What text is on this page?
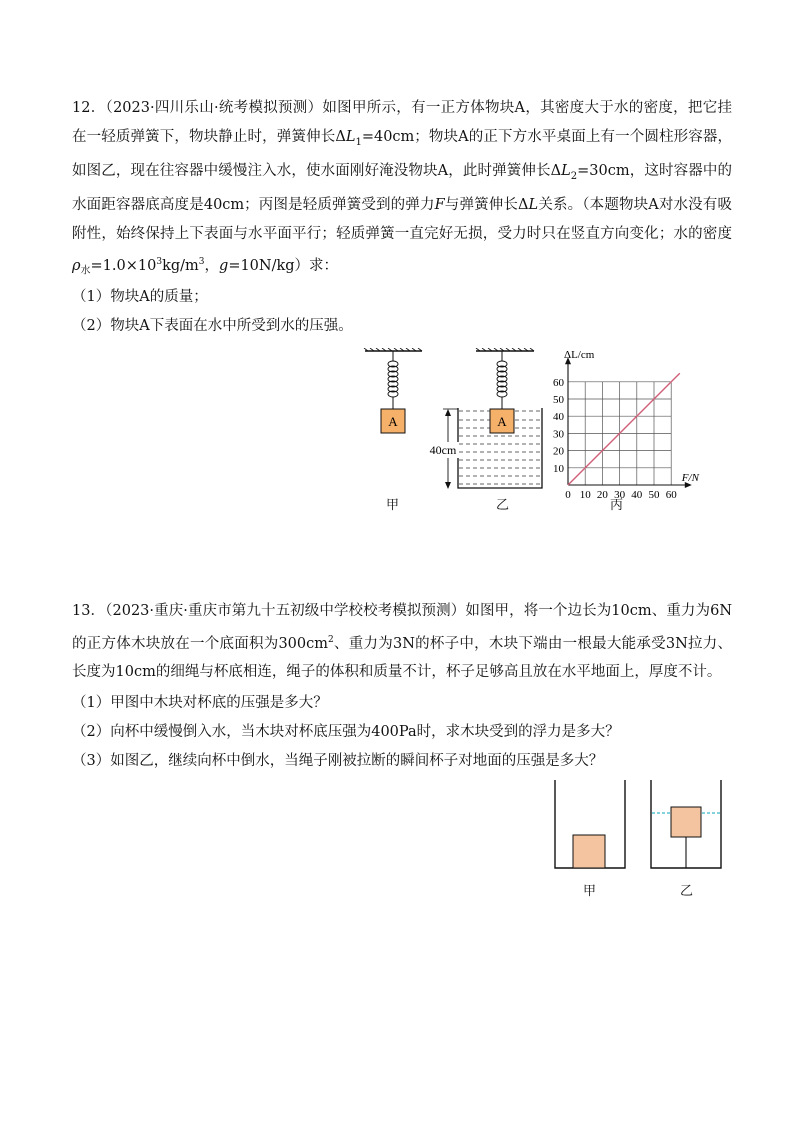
12．（2023·四川乐山·统考模拟预测）如图甲所示，有一正方体物块A，其密度大于水的密度，把它挂在一轻质弹簧下，物块静止时，弹簧伸长$\Delta L_1=40cm$；物块A的正下方水平桌面上有一个圆柱形容器，如图乙，现在往容器中缓慢注入水，使水面刚好淹没物块A，此时弹簧伸长$\Delta L_2=30cm$，这时容器中的水面距容器底高度是40cm；丙图是轻质弹簧受到的弹力F与弹簧伸长ΔL关系。（本题物块A对水没有吸附性，始终保持上下表面与水平面平行；轻质弹簧一直完好无损，受力时只在竖直方向变化；水的密度$\rho_水=1.0\times 10^3kg/m^3$，g=10N/kg）求：
（1）物块A的质量；
（2）物块A下表面在水中所受到水的压强。
A
甲
A
40cm
乙
0 10 20 30 40 50 60
10
20
30
40
50
60
ΔL/cm
F/N
丙
13．（2023·重庆·重庆市第九十五初级中学校校考模拟预测）如图甲，将一个边长为10cm、重力为6N的正方体木块放在一个底面积为$300cm^2$、重力为3N的杯子中，木块下端由一根最大能承受3N拉力、长度为10cm的细绳与杯底相连，绳子的体积和质量不计，杯子足够高且放在水平地面上，厚度不计。
（1）甲图中木块对杯底的压强是多大？
（2）向杯中缓慢倒入水，当木块对杯底压强为400Pa时，求木块受到的浮力是多大？
（3）如图乙，继续向杯中倒水，当绳子刚被拉断的瞬间杯子对地面的压强是多大？
甲	乙
